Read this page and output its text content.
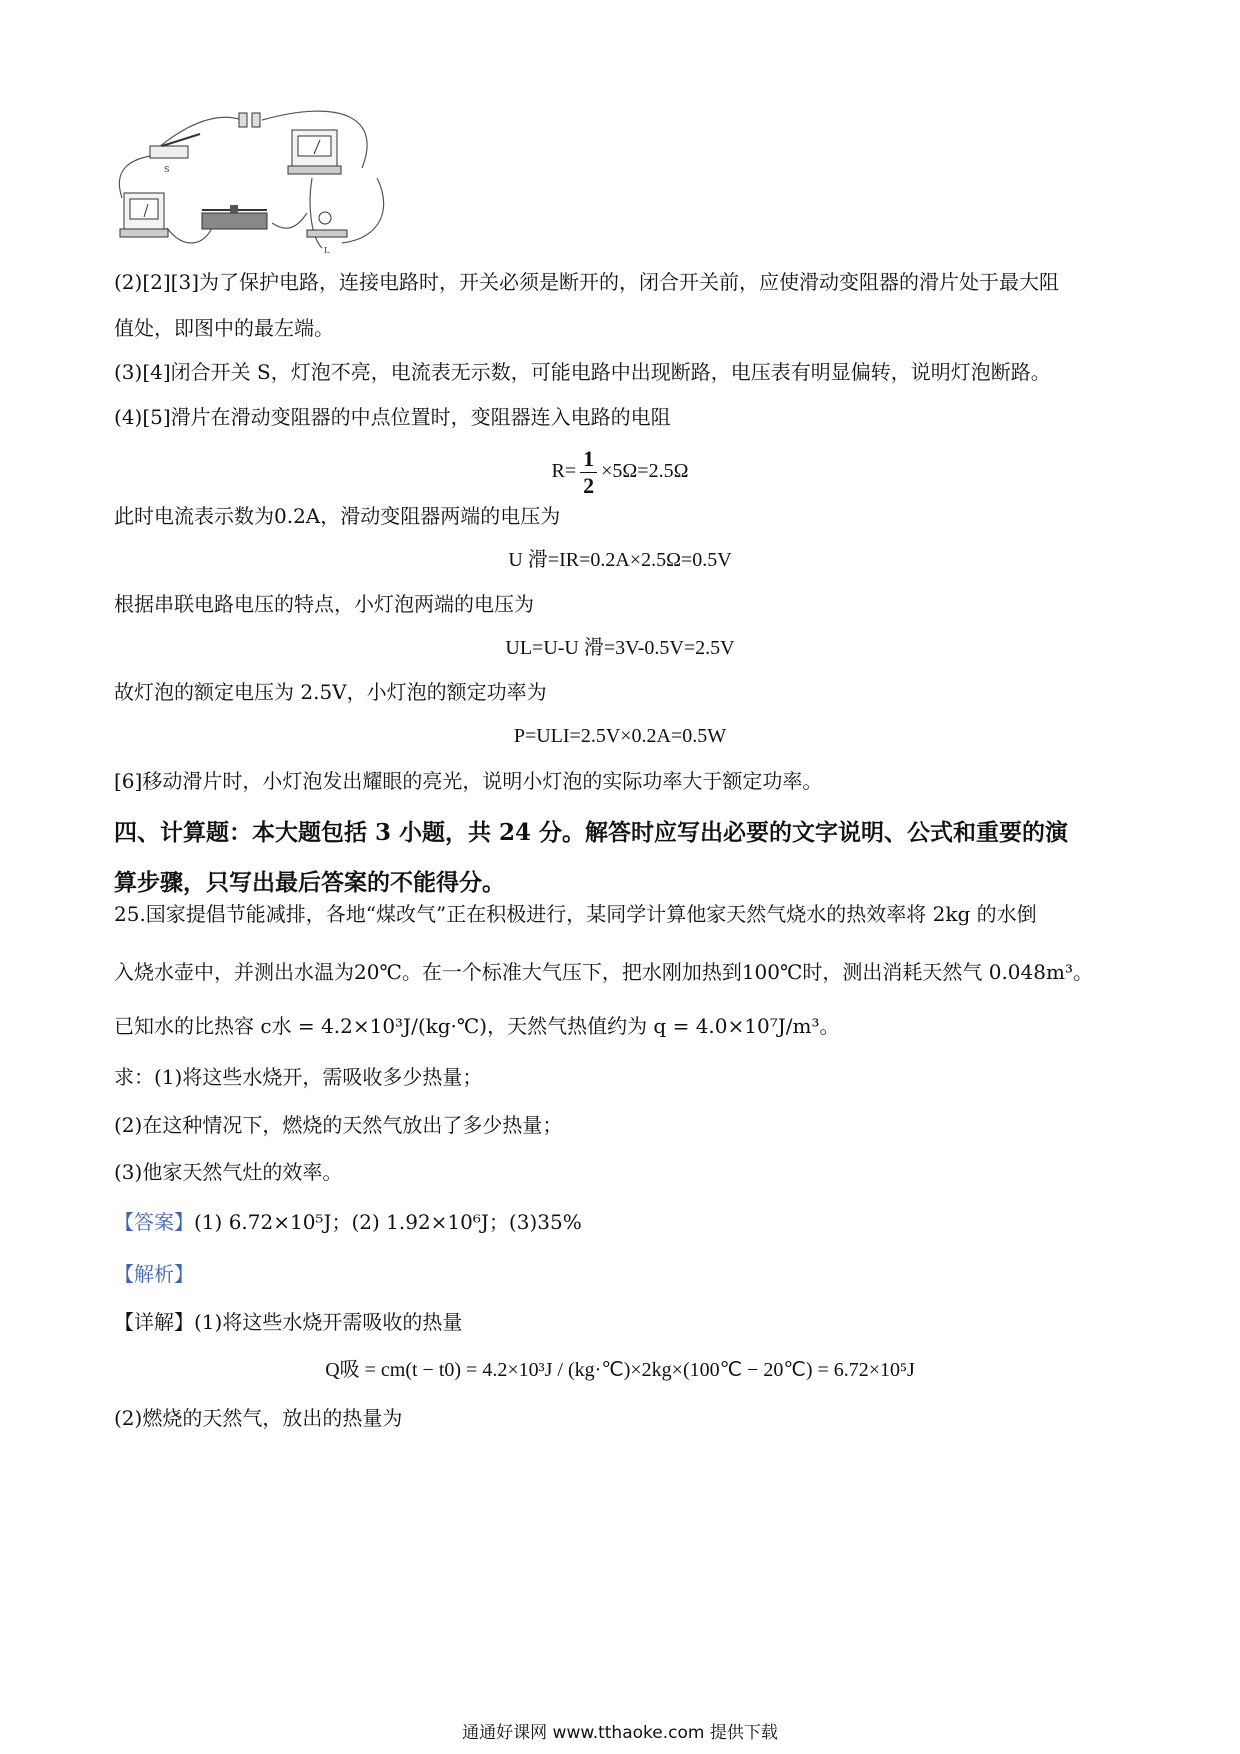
S
L
(2)[2][3]为了保护电路，连接电路时，开关必须是断开的，闭合开关前，应使滑动变阻器的滑片处于最大阻
值处，即图中的最左端。
(3)[4]闭合开关 S，灯泡不亮，电流表无示数，可能电路中出现断路，电压表有明显偏转，说明灯泡断路。
(4)[5]滑片在滑动变阻器的中点位置时，变阻器连入电路的电阻
$R= \frac{1}{2} \times 5\Omega=2.5\Omega$
此时电流表示数为0.2A，滑动变阻器两端的电压为
U 滑=IR=0.2A×2.5Ω=0.5V
根据串联电路电压的特点，小灯泡两端的电压为
UL=U-U 滑=3V-0.5V=2.5V
故灯泡的额定电压为 2.5V，小灯泡的额定功率为
P=ULI=2.5V×0.2A=0.5W
[6]移动滑片时，小灯泡发出耀眼的亮光，说明小灯泡的实际功率大于额定功率。
四、计算题：本大题包括 3 小题，共 24 分。解答时应写出必要的文字说明、公式和重要的演
算步骤，只写出最后答案的不能得分。
25.国家提倡节能减排，各地“煤改气”正在积极进行，某同学计算他家天然气烧水的热效率将 2kg 的水倒
入烧水壶中，并测出水温为20℃。在一个标准大气压下，把水刚加热到100℃时，测出消耗天然气 0.048m³。
已知水的比热容 c水 = 4.2×10³J/(kg·℃)，天然气热值约为 q = 4.0×10⁷J/m³。
求：(1)将这些水烧开，需吸收多少热量；
(2)在这种情况下，燃烧的天然气放出了多少热量；
(3)他家天然气灶的效率。
【答案】(1) 6.72×10⁵J；(2) 1.92×10⁶J；(3)35%
【解析】
【详解】(1)将这些水烧开需吸收的热量
Q吸 = cm(t − t0) = 4.2×10³J / (kg·℃)×2kg×(100℃ − 20℃) = 6.72×10⁵J
(2)燃烧的天然气，放出的热量为
通通好课网 www.tthaoke.com 提供下载
